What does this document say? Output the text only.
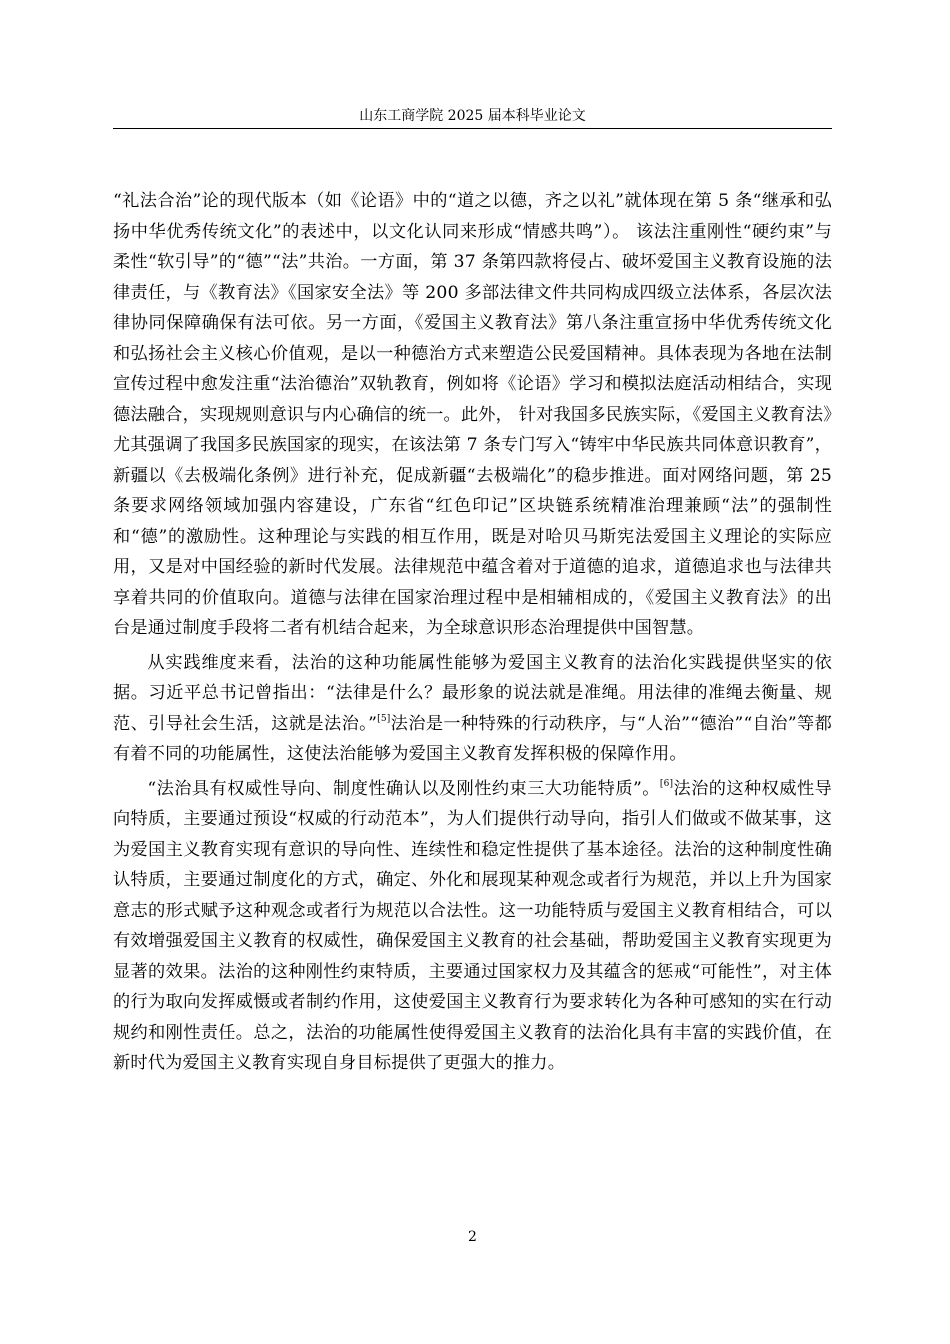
山东工商学院 2025 届本科毕业论文

“礼法合治”论的现代版本（如《论语》中的“道之以德，齐之以礼”就体现在第 5 条“继承和弘扬中华优秀传统文化”的表述中，以文化认同来形成“情感共鸣”）。 该法注重刚性“硬约束”与柔性“软引导”的“德”“法”共治。一方面，第 37 条第四款将侵占、破坏爱国主义教育设施的法律责任，与《教育法》《国家安全法》等 200 多部法律文件共同构成四级立法体系，各层次法律协同保障确保有法可依。另一方面，《爱国主义教育法》第八条注重宣扬中华优秀传统文化和弘扬社会主义核心价值观，是以一种德治方式来塑造公民爱国精神。具体表现为各地在法制宣传过程中愈发注重“法治德治”双轨教育，例如将《论语》学习和模拟法庭活动相结合，实现德法融合，实现规则意识与内心确信的统一。此外， 针对我国多民族实际，《爱国主义教育法》尤其强调了我国多民族国家的现实，在该法第 7 条专门写入“铸牢中华民族共同体意识教育”，新疆以《去极端化条例》进行补充，促成新疆“去极端化”的稳步推进。面对网络问题，第 25 条要求网络领域加强内容建设，广东省“红色印记”区块链系统精准治理兼顾“法”的强制性和“德”的激励性。这种理论与实践的相互作用，既是对哈贝马斯宪法爱国主义理论的实际应用，又是对中国经验的新时代发展。法律规范中蕴含着对于道德的追求，道德追求也与法律共享着共同的价值取向。道德与法律在国家治理过程中是相辅相成的，《爱国主义教育法》的出台是通过制度手段将二者有机结合起来，为全球意识形态治理提供中国智慧。

从实践维度来看，法治的这种功能属性能够为爱国主义教育的法治化实践提供坚实的依据。习近平总书记曾指出：“法律是什么？最形象的说法就是准绳。用法律的准绳去衡量、规范、引导社会生活，这就是法治。”[5]法治是一种特殊的行动秩序，与“人治”“德治”“自治”等都有着不同的功能属性，这使法治能够为爱国主义教育发挥积极的保障作用。

“法治具有权威性导向、制度性确认以及刚性约束三大功能特质”。[6]法治的这种权威性导向特质，主要通过预设“权威的行动范本”，为人们提供行动导向，指引人们做或不做某事，这为爱国主义教育实现有意识的导向性、连续性和稳定性提供了基本途径。法治的这种制度性确认特质，主要通过制度化的方式，确定、外化和展现某种观念或者行为规范，并以上升为国家意志的形式赋予这种观念或者行为规范以合法性。这一功能特质与爱国主义教育相结合，可以有效增强爱国主义教育的权威性，确保爱国主义教育的社会基础，帮助爱国主义教育实现更为显著的效果。法治的这种刚性约束特质，主要通过国家权力及其蕴含的惩戒“可能性”，对主体的行为取向发挥威慑或者制约作用，这使爱国主义教育行为要求转化为各种可感知的实在行动规约和刚性责任。总之，法治的功能属性使得爱国主义教育的法治化具有丰富的实践价值，在新时代为爱国主义教育实现自身目标提供了更强大的推力。

2
